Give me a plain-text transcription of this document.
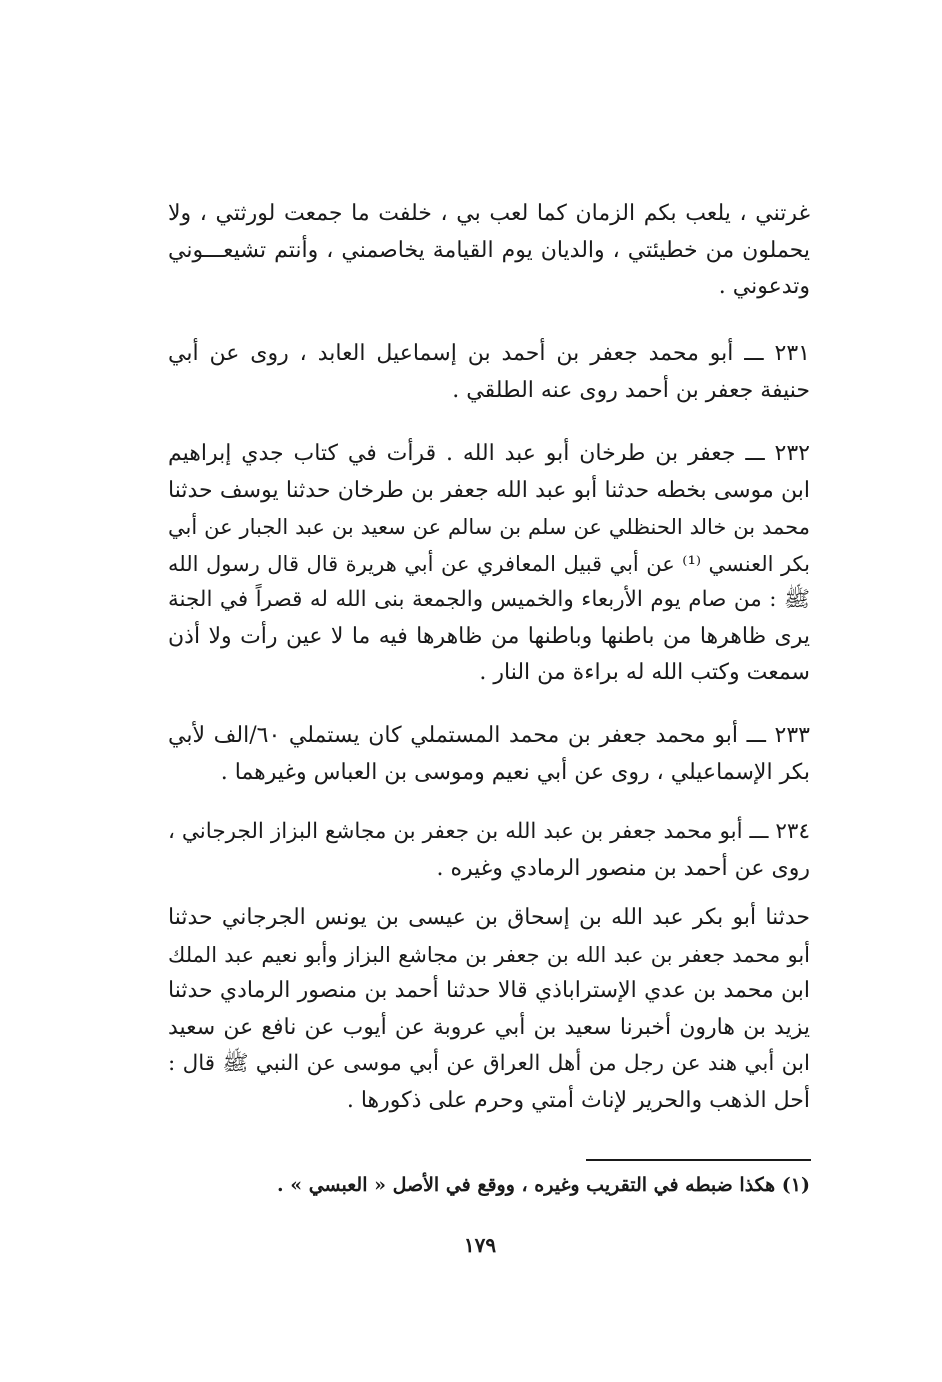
غرتني ، يلعب بكم الزمان كما لعب بي ، خلفت ما جمعت لورثتي ، ولا
يحملون من خطيئتي ، والديان يوم القيامة يخاصمني ، وأنتم تشيعـــوني
وتدعوني .
٢٣١ ـــ أبو محمد جعفر بن أحمد بن إسماعيل العابد ، روى عن أبي
حنيفة جعفر بن أحمد روى عنه الطلقي .
٢٣٢ ـــ جعفر بن طرخان أبو عبد الله . قرأت في كتاب جدي إبراهيم
ابن موسى بخطه حدثنا أبو عبد الله جعفر بن طرخان حدثنا يوسف حدثنا
محمد بن خالد الحنظلي عن سلم بن سالم عن سعيد بن عبد الجبار عن أبي
بكر العنسي ⁽¹⁾ عن أبي قبيل المعافري عن أبي هريرة قال قال رسول الله
ﷺ : من صام يوم الأربعاء والخميس والجمعة بنى الله له قصراً في الجنة
يرى ظاهرها من باطنها وباطنها من ظاهرها فيه ما لا عين رأت ولا أذن
سمعت وكتب الله له براءة من النار .
٢٣٣ ـــ أبو محمد جعفر بن محمد المستملي كان يستملي ٦٠/الف لأبي
بكر الإسماعيلي ، روى عن أبي نعيم وموسى بن العباس وغيرهما .
٢٣٤ ـــ أبو محمد جعفر بن عبد الله بن جعفر بن مجاشع البزاز الجرجاني ،
روى عن أحمد بن منصور الرمادي وغيره .
حدثنا أبو بكر عبد الله بن إسحاق بن عيسى بن يونس الجرجاني حدثنا
أبو محمد جعفر بن عبد الله بن جعفر بن مجاشع البزاز وأبو نعيم عبد الملك
ابن محمد بن عدي الإستراباذي قالا حدثنا أحمد بن منصور الرمادي حدثنا
يزيد بن هارون أخبرنا سعيد بن أبي عروبة عن أيوب عن نافع عن سعيد
ابن أبي هند عن رجل من أهل العراق عن أبي موسى عن النبي ﷺ قال :
أحل الذهب والحرير لإناث أمتي وحرم على ذكورها .
(١) هكذا ضبطه في التقريب وغيره ، ووقع في الأصل « العبسي » .
١٧٩
